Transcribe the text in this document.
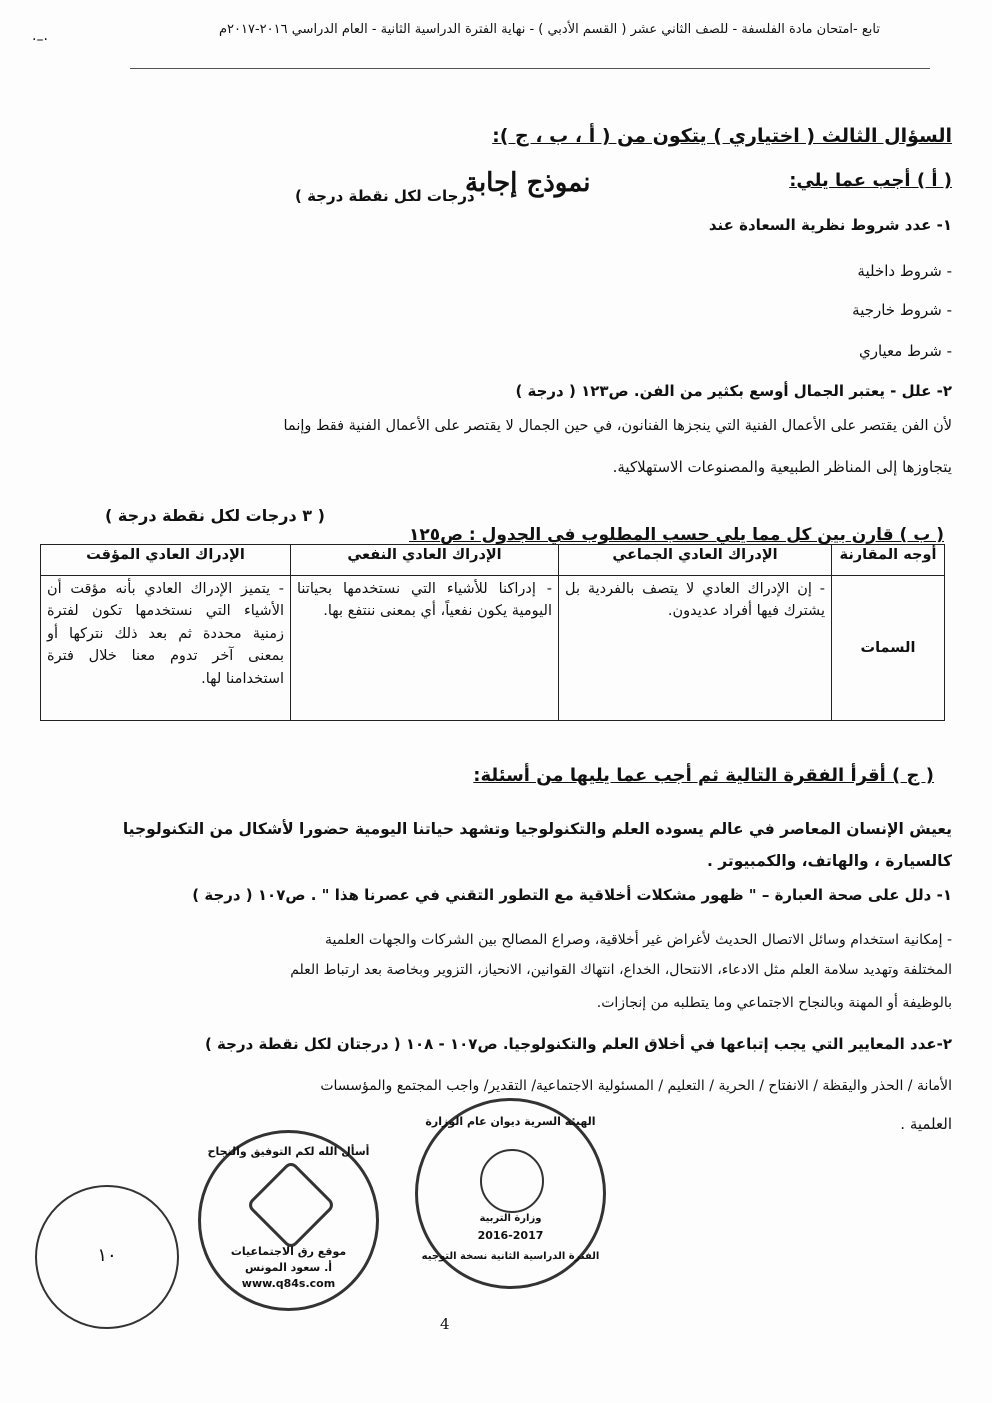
تابع -امتحان مادة الفلسفة - للصف الثاني عشر ( القسم الأدبي ) - نهاية الفترة الدراسية الثانية - العام الدراسي ٢٠١٦-٢٠١٧م
·–·
السؤال الثالث ( اختياري ) يتكون من ( أ ، ب ، ج ):
( أ ) أجب عما يلي:
درجات لكل نقطة درجة )
نموذج إجابة
١- عدد شروط نظرية السعادة عند
- شروط داخلية
- شروط خارجية
- شرط معياري
٢- علل - يعتبر الجمال أوسع بكثير من الفن. ص١٢٣ ( درجة )
لأن الفن يقتصر على الأعمال الفنية التي ينجزها الفنانون، في حين الجمال لا يقتصر على الأعمال الفنية فقط وإنما
يتجاوزها إلى المناظر الطبيعية والمصنوعات الاستهلاكية.
( ب ) قارن بين كل مما يلي حسب المطلوب في الجدول : ص١٢٥
( ٣ درجات لكل نقطة درجة )
أوجه المقارنة	الإدراك العادي الجماعي	الإدراك العادي النفعي	الإدراك العادي المؤقت
السمات	- إن الإدراك العادي لا يتصف بالفردية بل يشترك فيها أفراد عديدون.	- إدراكنا للأشياء التي نستخدمها بحياتنا اليومية يكون نفعياً، أي بمعنى ننتفع بها.	- يتميز الإدراك العادي بأنه مؤقت أن الأشياء التي نستخدمها تكون لفترة زمنية محددة ثم بعد ذلك نتركها أو بمعنى آخر تدوم معنا خلال فترة استخدامنا لها.
( ج ) أقرأ الفقرة التالية ثم أجب عما يليها من أسئلة:
يعيش الإنسان المعاصر في عالم يسوده العلم والتكنولوجيا وتشهد حياتنا اليومية حضورا لأشكال من التكنولوجيا
كالسيارة ، والهاتف، والكمبيوتر .
١- دلل على صحة العبارة – " ظهور مشكلات أخلاقية مع التطور التقني في عصرنا هذا " . ص١٠٧ ( درجة )
- إمكانية استخدام وسائل الاتصال الحديث لأغراض غير أخلاقية، وصراع المصالح بين الشركات والجهات العلمية
المختلفة وتهديد سلامة العلم مثل الادعاء، الانتحال، الخداع، انتهاك القوانين، الانحياز، التزوير وبخاصة بعد ارتباط العلم
بالوظيفة أو المهنة وبالنجاح الاجتماعي وما يتطلبه من إنجازات.
٢-عدد المعايير التي يجب إتباعها في أخلاق العلم والتكنولوجيا. ص١٠٧ - ١٠٨ ( درجتان لكل نقطة درجة )
الأمانة / الحذر واليقظة / الانفتاح / الحرية / التعليم / المسئولية الاجتماعية/ التقدير/ واجب المجتمع والمؤسسات
العلمية .
١٠
أسأل الله لكم التوفيق والنجاح
موقع رق الاجتماعيات
أ. سعود المونس
www.q84s.com
الهيئة السرية ديوان عام الوزارة
وزارة التربية
2016-2017
الفترة الدراسية الثانية نسخة التوجيه
4
